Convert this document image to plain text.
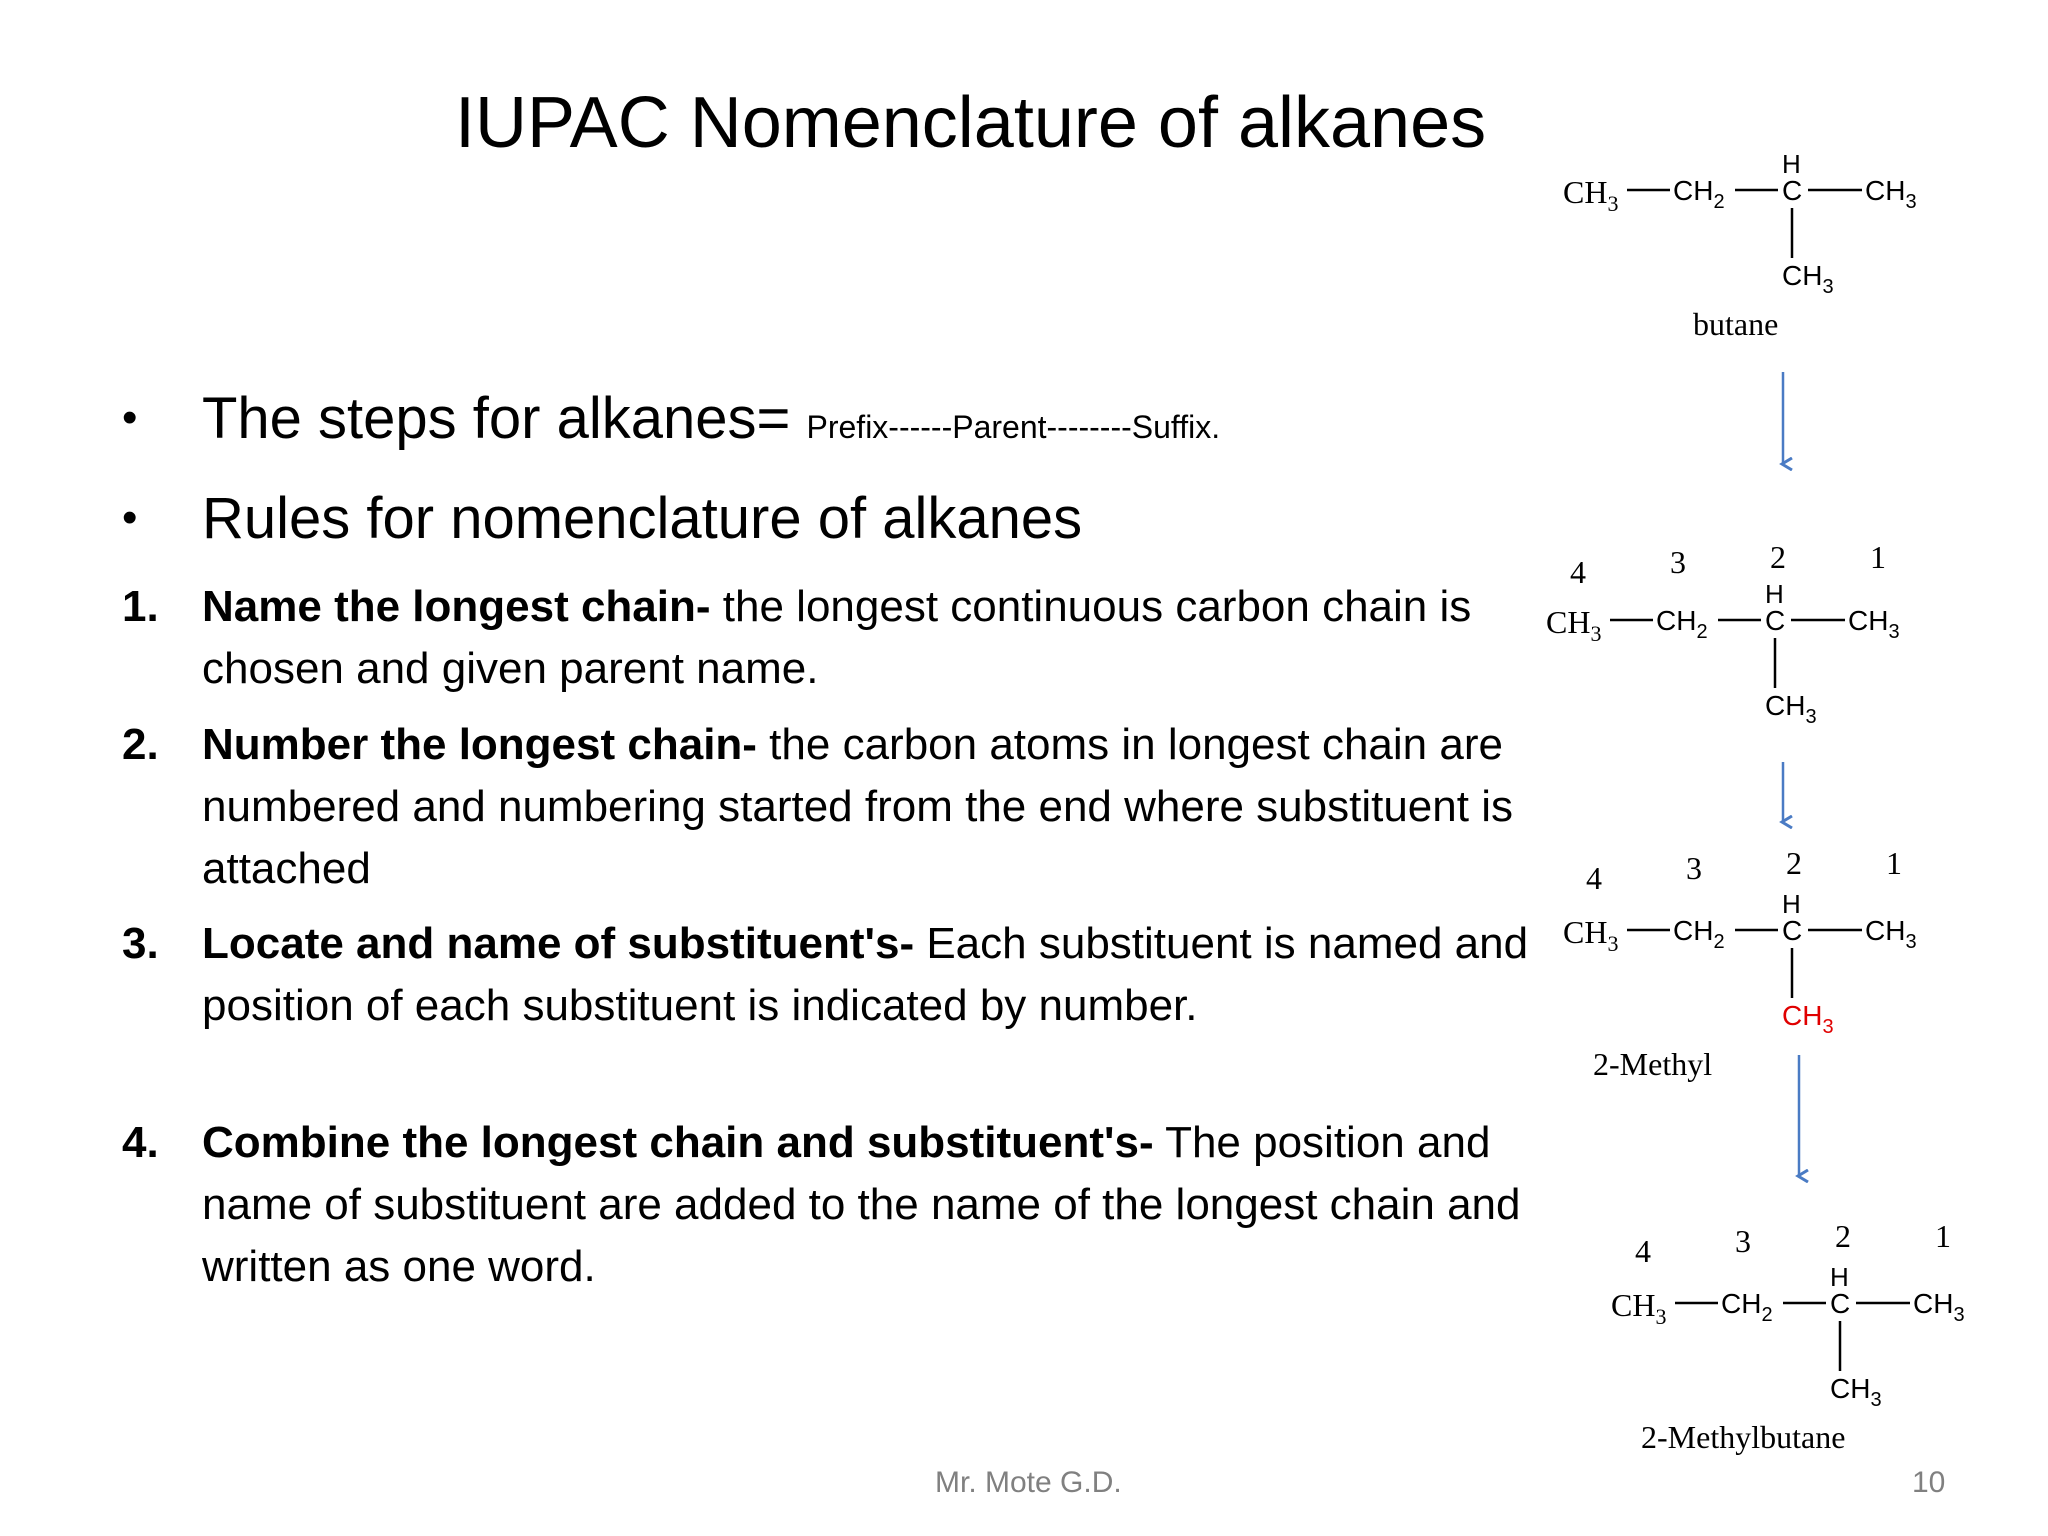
IUPAC Nomenclature of alkanes
• The steps for alkanes= Prefix------Parent--------Suffix.
• Rules for nomenclature of alkanes
1. Name the longest chain- the longest continuous carbon chain is chosen and given parent name.
2. Number the longest chain- the carbon atoms in longest chain are numbered and numbering started from the end where substituent is attached
3. Locate and name of substituent's- Each substituent is named and position of each substituent is indicated by number.
4. Combine the longest chain and substituent's- The position and name of substituent are added to the name of the longest chain and written as one word.
$CH_3$ $CH_2$ C
H
$CH_3$
$CH_3$
butane
4	3	2	1
$CH_3$ $CH_2$ C
H
$CH_3$
$CH_3$
4	3	2	1
$CH_3$ $CH_2$ C
H
$CH_3$
$CH_3$
2-Methyl
4	3	2	1
$CH_3$ $CH_2$ C
H
$CH_3$
$CH_3$
2-Methylbutane
Mr. Mote G.D.	10
